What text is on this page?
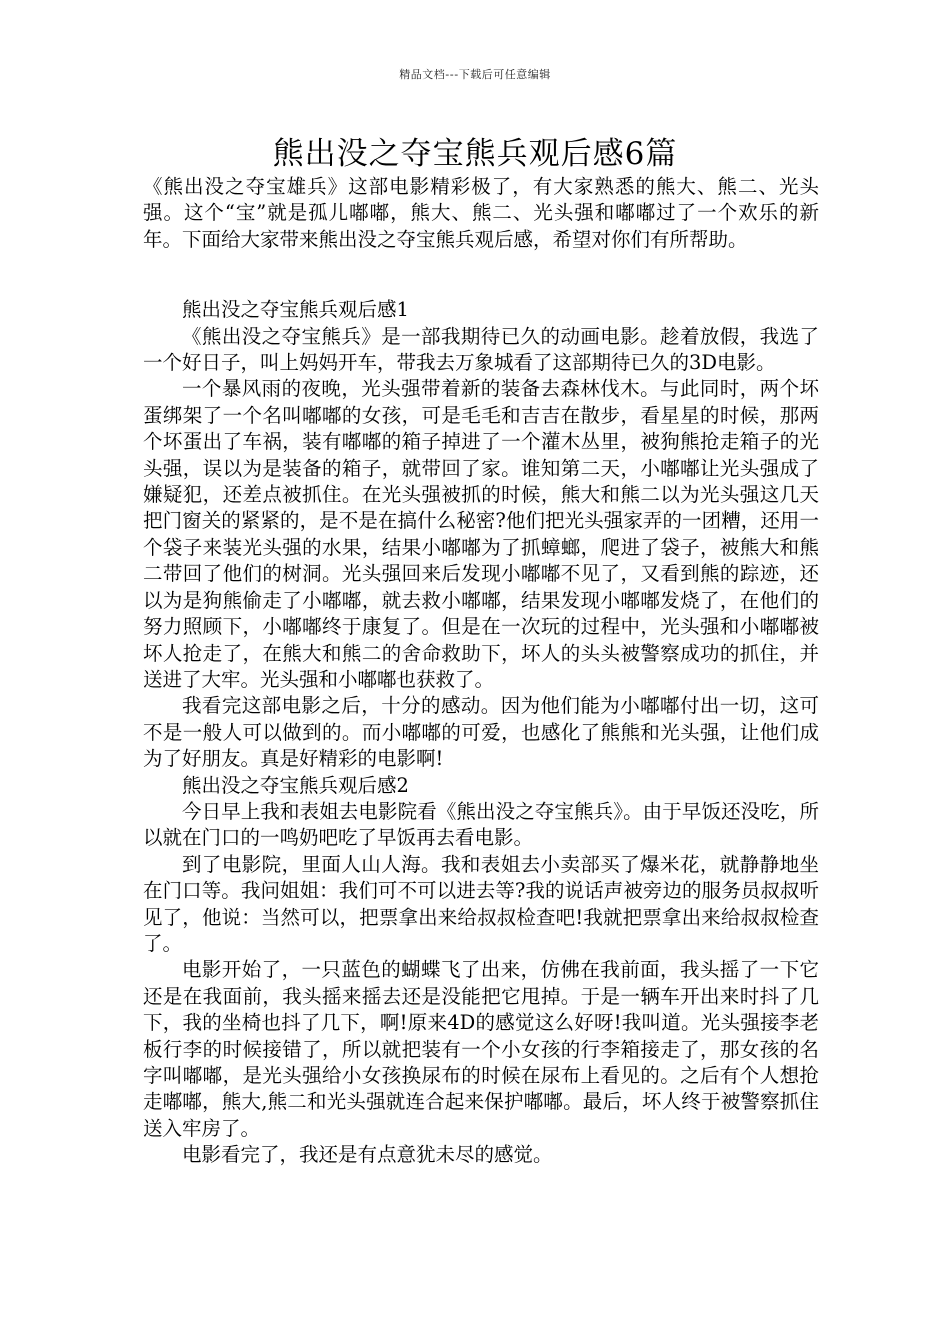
精品文档---下载后可任意编辑
熊出没之夺宝熊兵观后感6篇

《熊出没之夺宝雄兵》这部电影精彩极了，有大家熟悉的熊大、熊二、光头强。这个“宝”就是孤儿嘟嘟，熊大、熊二、光头强和嘟嘟过了一个欢乐的新年。下面给大家带来熊出没之夺宝熊兵观后感，希望对你们有所帮助。

熊出没之夺宝熊兵观后感1

《熊出没之夺宝熊兵》是一部我期待已久的动画电影。趁着放假，我选了一个好日子，叫上妈妈开车，带我去万象城看了这部期待已久的3D电影。

一个暴风雨的夜晚，光头强带着新的装备去森林伐木。与此同时，两个坏蛋绑架了一个名叫嘟嘟的女孩，可是毛毛和吉吉在散步，看星星的时候，那两个坏蛋出了车祸，装有嘟嘟的箱子掉进了一个灌木丛里，被狗熊抢走箱子的光头强，误以为是装备的箱子，就带回了家。谁知第二天，小嘟嘟让光头强成了嫌疑犯，还差点被抓住。在光头强被抓的时候，熊大和熊二以为光头强这几天把门窗关的紧紧的，是不是在搞什么秘密?他们把光头强家弄的一团糟，还用一个袋子来装光头强的水果，结果小嘟嘟为了抓蟑螂，爬进了袋子，被熊大和熊二带回了他们的树洞。光头强回来后发现小嘟嘟不见了，又看到熊的踪迹，还以为是狗熊偷走了小嘟嘟，就去救小嘟嘟，结果发现小嘟嘟发烧了，在他们的努力照顾下，小嘟嘟终于康复了。但是在一次玩的过程中，光头强和小嘟嘟被坏人抢走了，在熊大和熊二的舍命救助下，坏人的头头被警察成功的抓住，并送进了大牢。光头强和小嘟嘟也获救了。

我看完这部电影之后，十分的感动。因为他们能为小嘟嘟付出一切，这可不是一般人可以做到的。而小嘟嘟的可爱，也感化了熊熊和光头强，让他们成为了好朋友。真是好精彩的电影啊!

熊出没之夺宝熊兵观后感2

今日早上我和表姐去电影院看《熊出没之夺宝熊兵》。由于早饭还没吃，所以就在门口的一鸣奶吧吃了早饭再去看电影。

到了电影院，里面人山人海。我和表姐去小卖部买了爆米花，就静静地坐在门口等。我问姐姐：我们可不可以进去等?我的说话声被旁边的服务员叔叔听见了，他说：当然可以，把票拿出来给叔叔检查吧!我就把票拿出来给叔叔检查了。

电影开始了，一只蓝色的蝴蝶飞了出来，仿佛在我前面，我头摇了一下它还是在我面前，我头摇来摇去还是没能把它甩掉。于是一辆车开出来时抖了几下，我的坐椅也抖了几下，啊!原来4D的感觉这么好呀!我叫道。光头强接李老板行李的时候接错了，所以就把装有一个小女孩的行李箱接走了，那女孩的名字叫嘟嘟，是光头强给小女孩换尿布的时候在尿布上看见的。之后有个人想抢走嘟嘟，熊大,熊二和光头强就连合起来保护嘟嘟。最后，坏人终于被警察抓住送入牢房了。

电影看完了，我还是有点意犹未尽的感觉。
